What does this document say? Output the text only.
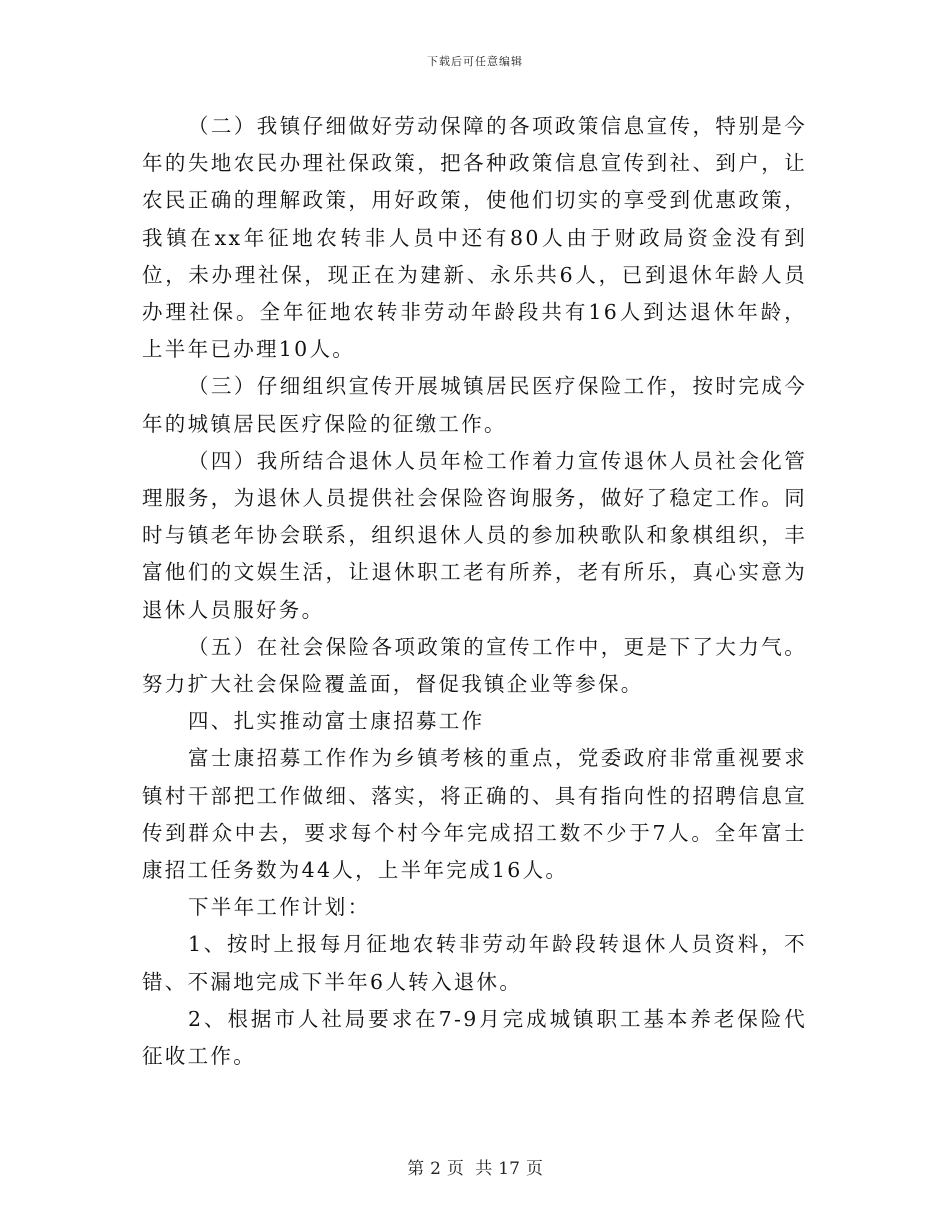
下载后可任意编辑

（二）我镇仔细做好劳动保障的各项政策信息宣传，特别是今年的失地农民办理社保政策，把各种政策信息宣传到社、到户，让农民正确的理解政策，用好政策，使他们切实的享受到优惠政策，我镇在xx年征地农转非人员中还有80人由于财政局资金没有到位，未办理社保，现正在为建新、永乐共6人，已到退休年龄人员办理社保。全年征地农转非劳动年龄段共有16人到达退休年龄，上半年已办理10人。

（三）仔细组织宣传开展城镇居民医疗保险工作，按时完成今年的城镇居民医疗保险的征缴工作。

（四）我所结合退休人员年检工作着力宣传退休人员社会化管理服务，为退休人员提供社会保险咨询服务，做好了稳定工作。同时与镇老年协会联系，组织退休人员的参加秧歌队和象棋组织，丰富他们的文娱生活，让退休职工老有所养，老有所乐，真心实意为退休人员服好务。

（五）在社会保险各项政策的宣传工作中，更是下了大力气。努力扩大社会保险覆盖面，督促我镇企业等参保。

四、扎实推动富士康招募工作

富士康招募工作作为乡镇考核的重点，党委政府非常重视要求镇村干部把工作做细、落实，将正确的、具有指向性的招聘信息宣传到群众中去，要求每个村今年完成招工数不少于7人。全年富士康招工任务数为44人，上半年完成16人。

下半年工作计划：

1、按时上报每月征地农转非劳动年龄段转退休人员资料，不错、不漏地完成下半年6人转入退休。

2、根据市人社局要求在7-9月完成城镇职工基本养老保险代征收工作。

第 2 页 共 17 页
